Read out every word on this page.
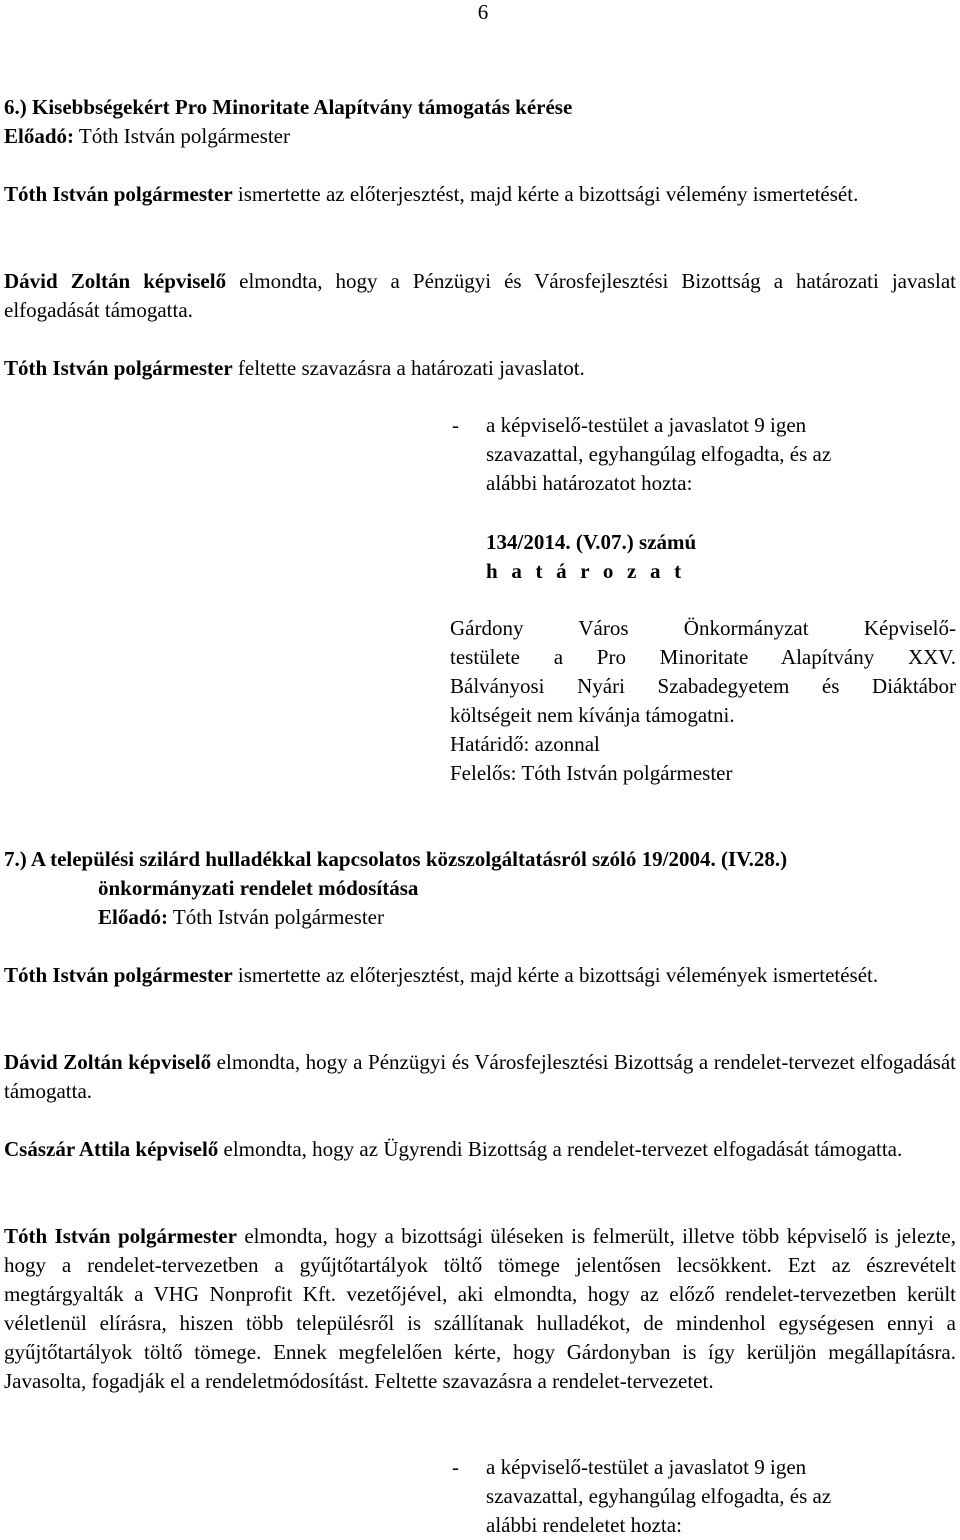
6
6.) Kisebbségekért Pro Minoritate Alapítvány támogatás kérése
Előadó: Tóth István polgármester

Tóth István polgármester ismertette az előterjesztést, majd kérte a bizottsági vélemény ismertetését.

Dávid Zoltán képviselő elmondta, hogy a Pénzügyi és Városfejlesztési Bizottság a határozati javaslat elfogadását támogatta.

Tóth István polgármester feltette szavazásra a határozati javaslatot.

- a képviselő-testület a javaslatot 9 igen
szavazattal, egyhangúlag elfogadta, és az
alábbi határozatot hozta:
134/2014. (V.07.) számú
h a t á r o z a t
Gárdony Város Önkormányzat Képviselő-
testülete a Pro Minoritate Alapítvány XXV.
Bálványosi Nyári Szabadegyetem és Diáktábor
költségeit nem kívánja támogatni.
Határidő: azonnal
Felelős: Tóth István polgármester
7.) A települési szilárd hulladékkal kapcsolatos közszolgáltatásról szóló 19/2004. (IV.28.)
önkormányzati rendelet módosítása
Előadó: Tóth István polgármester

Tóth István polgármester ismertette az előterjesztést, majd kérte a bizottsági vélemények ismertetését.

Dávid Zoltán képviselő elmondta, hogy a Pénzügyi és Városfejlesztési Bizottság a rendelet-tervezet elfogadását támogatta.

Császár Attila képviselő elmondta, hogy az Ügyrendi Bizottság a rendelet-tervezet elfogadását támogatta.

Tóth István polgármester elmondta, hogy a bizottsági üléseken is felmerült, illetve több képviselő is jelezte, hogy a rendelet-tervezetben a gyűjtőtartályok töltő tömege jelentősen lecsökkent. Ezt az észrevételt megtárgyalták a VHG Nonprofit Kft. vezetőjével, aki elmondta, hogy az előző rendelet-tervezetben került véletlenül elírásra, hiszen több településről is szállítanak hulladékot, de mindenhol egységesen ennyi a gyűjtőtartályok töltő tömege. Ennek megfelelően kérte, hogy Gárdonyban is így kerüljön megállapításra. Javasolta, fogadják el a rendeletmódosítást. Feltette szavazásra a rendelet-tervezetet.

- a képviselő-testület a javaslatot 9 igen
szavazattal, egyhangúlag elfogadta, és az
alábbi rendeletet hozta:
